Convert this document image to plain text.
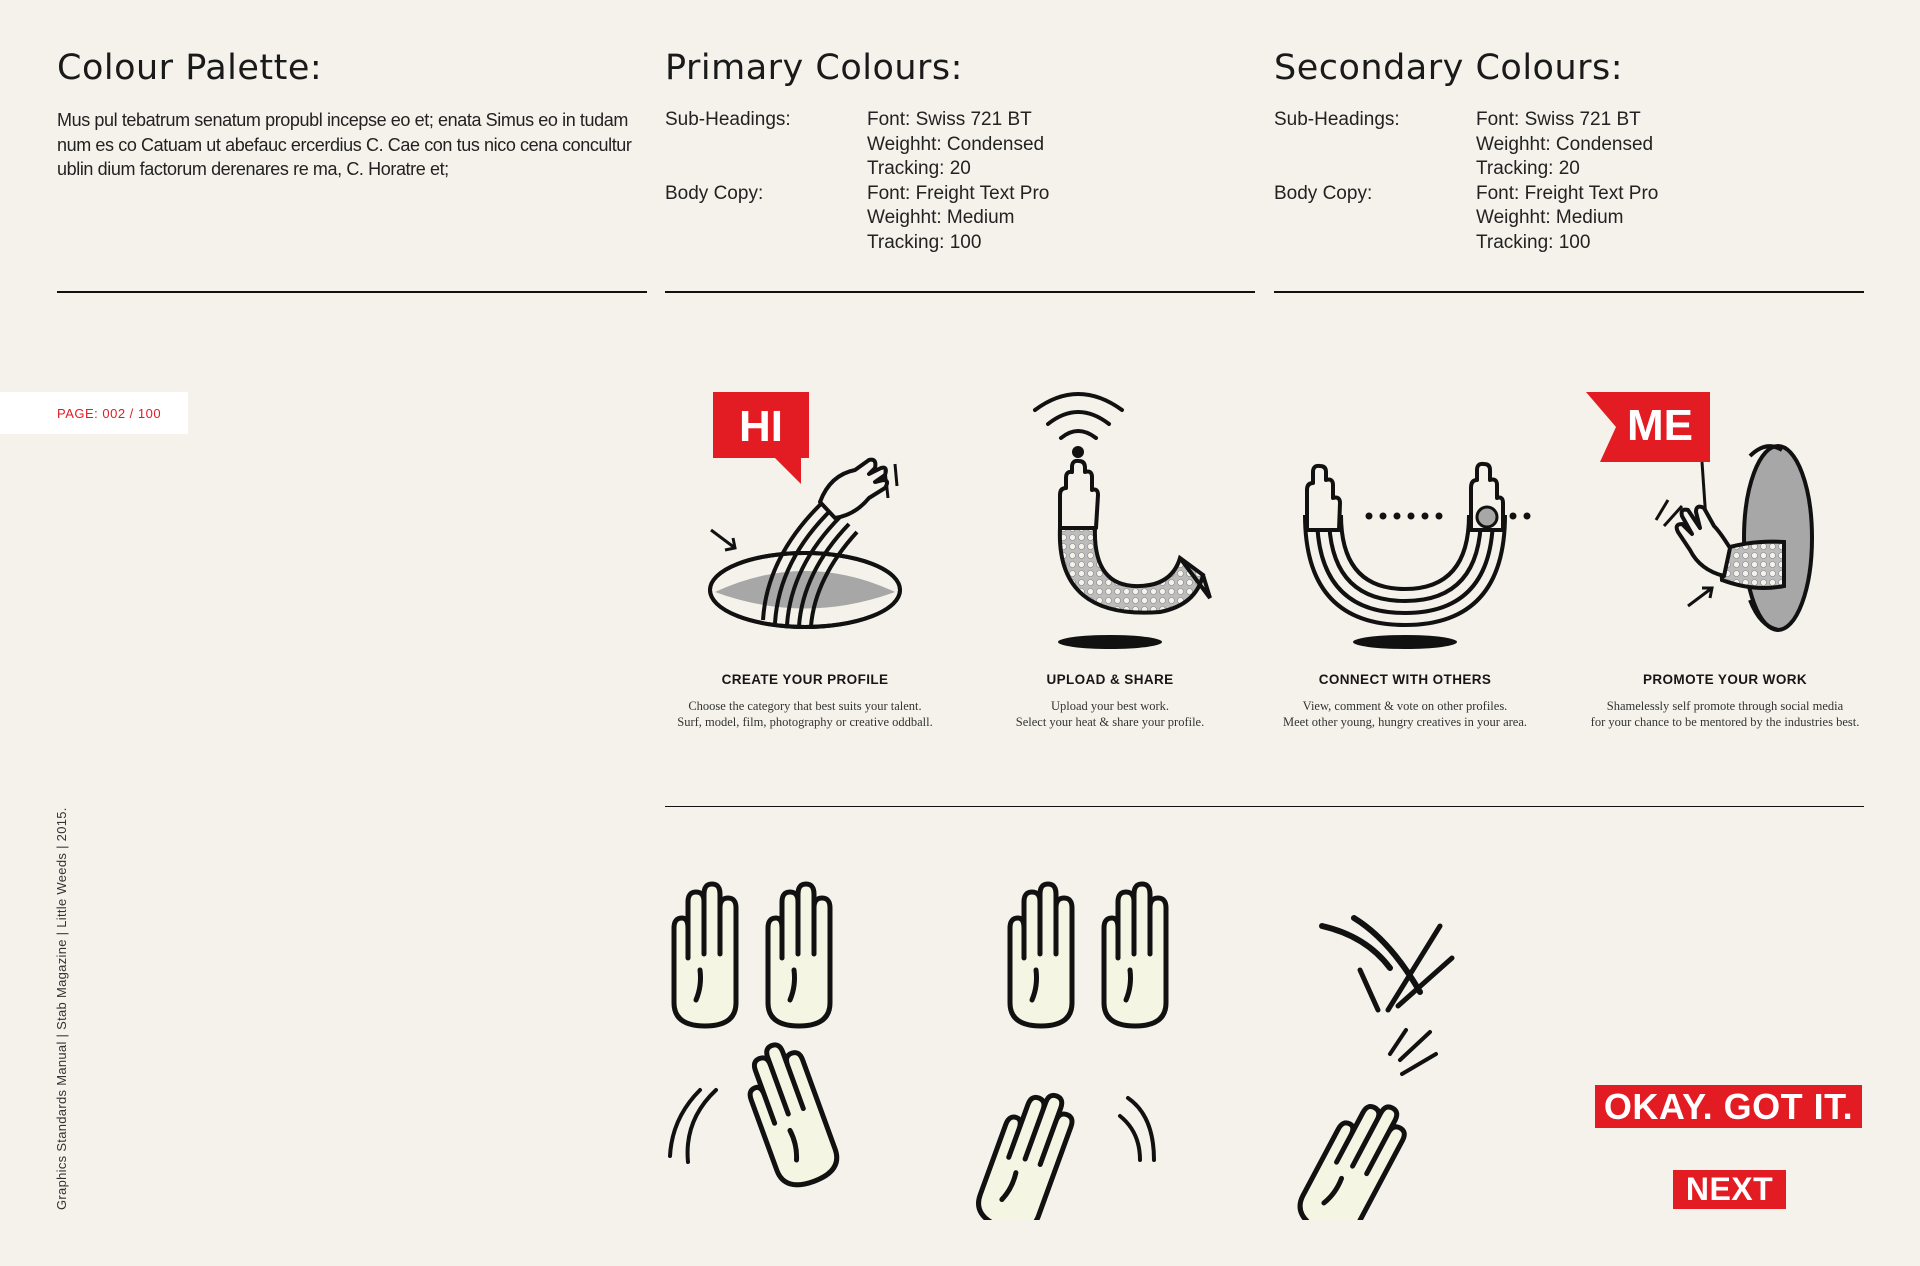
Colour Palette:
Mus pul tebatrum senatum propubl incepse eo et; enata Simus eo in tudam num es co Catuam ut abefauc ercerdius C. Cae con tus nico cena concultur ublin dium factorum derenares re ma, C. Horatre et;
Primary Colours:
Sub-Headings:	Font: Swiss 721 BT
Weighht: Condensed
Tracking: 20
Body Copy:	Font: Freight Text Pro
Weighht: Medium
Tracking: 100
Secondary Colours:
Sub-Headings:	Font: Swiss 721 BT
Weighht: Condensed
Tracking: 20
Body Copy:	Font: Freight Text Pro
Weighht: Medium
Tracking: 100
PAGE: 002 / 100
Graphics Standards Manual | Stab Magazine | Little Weeds | 2015.
HI	ME
CREATE YOUR PROFILE
Choose the category that best suits your talent.
Surf, model, film, photography or creative oddball.
UPLOAD & SHARE
Upload your best work.
Select your heat & share your profile.
CONNECT WITH OTHERS
View, comment & vote on other profiles.
Meet other young, hungry creatives in your area.
PROMOTE YOUR WORK
Shamelessly self promote through social media
for your chance to be mentored by the industries best.
OKAY. GOT IT.
NEXT
